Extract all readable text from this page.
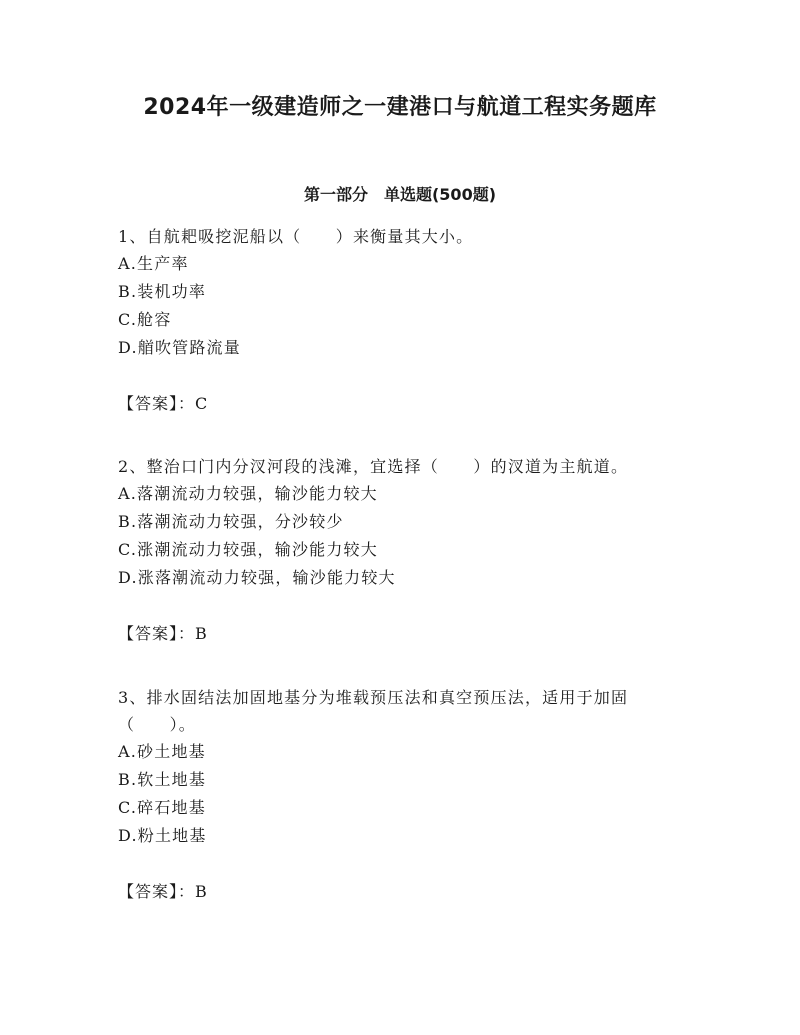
2024年一级建造师之一建港口与航道工程实务题库
第一部分　单选题(500题)

1、自航耙吸挖泥船以（　　）来衡量其大小。

A.生产率
B.装机功率
C.舱容
D.艏吹管路流量
【答案】：C

2、整治口门内分汊河段的浅滩，宜选择（　　）的汊道为主航道。

A.落潮流动力较强，输沙能力较大
B.落潮流动力较强，分沙较少
C.涨潮流动力较强，输沙能力较大
D.涨落潮流动力较强，输沙能力较大
【答案】：B

3、排水固结法加固地基分为堆载预压法和真空预压法，适用于加固（　　）。

A.砂土地基
B.软土地基
C.碎石地基
D.粉土地基
【答案】：B
